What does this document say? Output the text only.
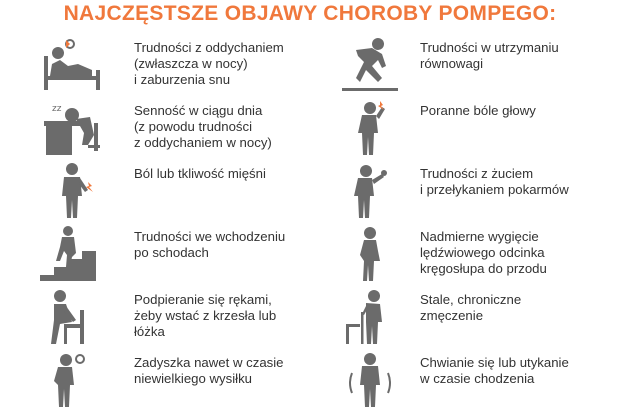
NAJCZĘSTSZE OBJAWY CHOROBY POMPEGO:
Trudności z oddychaniem
(zwłaszcza w nocy)
i zaburzenia snu
zz	Senność w ciągu dnia
(z powodu trudności
z oddychaniem w nocy)
Ból lub tkliwość mięśni
Trudności we wchodzeniu
po schodach
Podpieranie się rękami,
żeby wstać z krzesła lub
łóżka
Zadyszka nawet w czasie
niewielkiego wysiłku
Trudności w utrzymaniu
równowagi
Poranne bóle głowy
Trudności z żuciem
i przełykaniem pokarmów
Nadmierne wygięcie
lędźwiowego odcinka
kręgosłupa do przodu
Stale, chroniczne
zmęczenie
Chwianie się lub utykanie
w czasie chodzenia
